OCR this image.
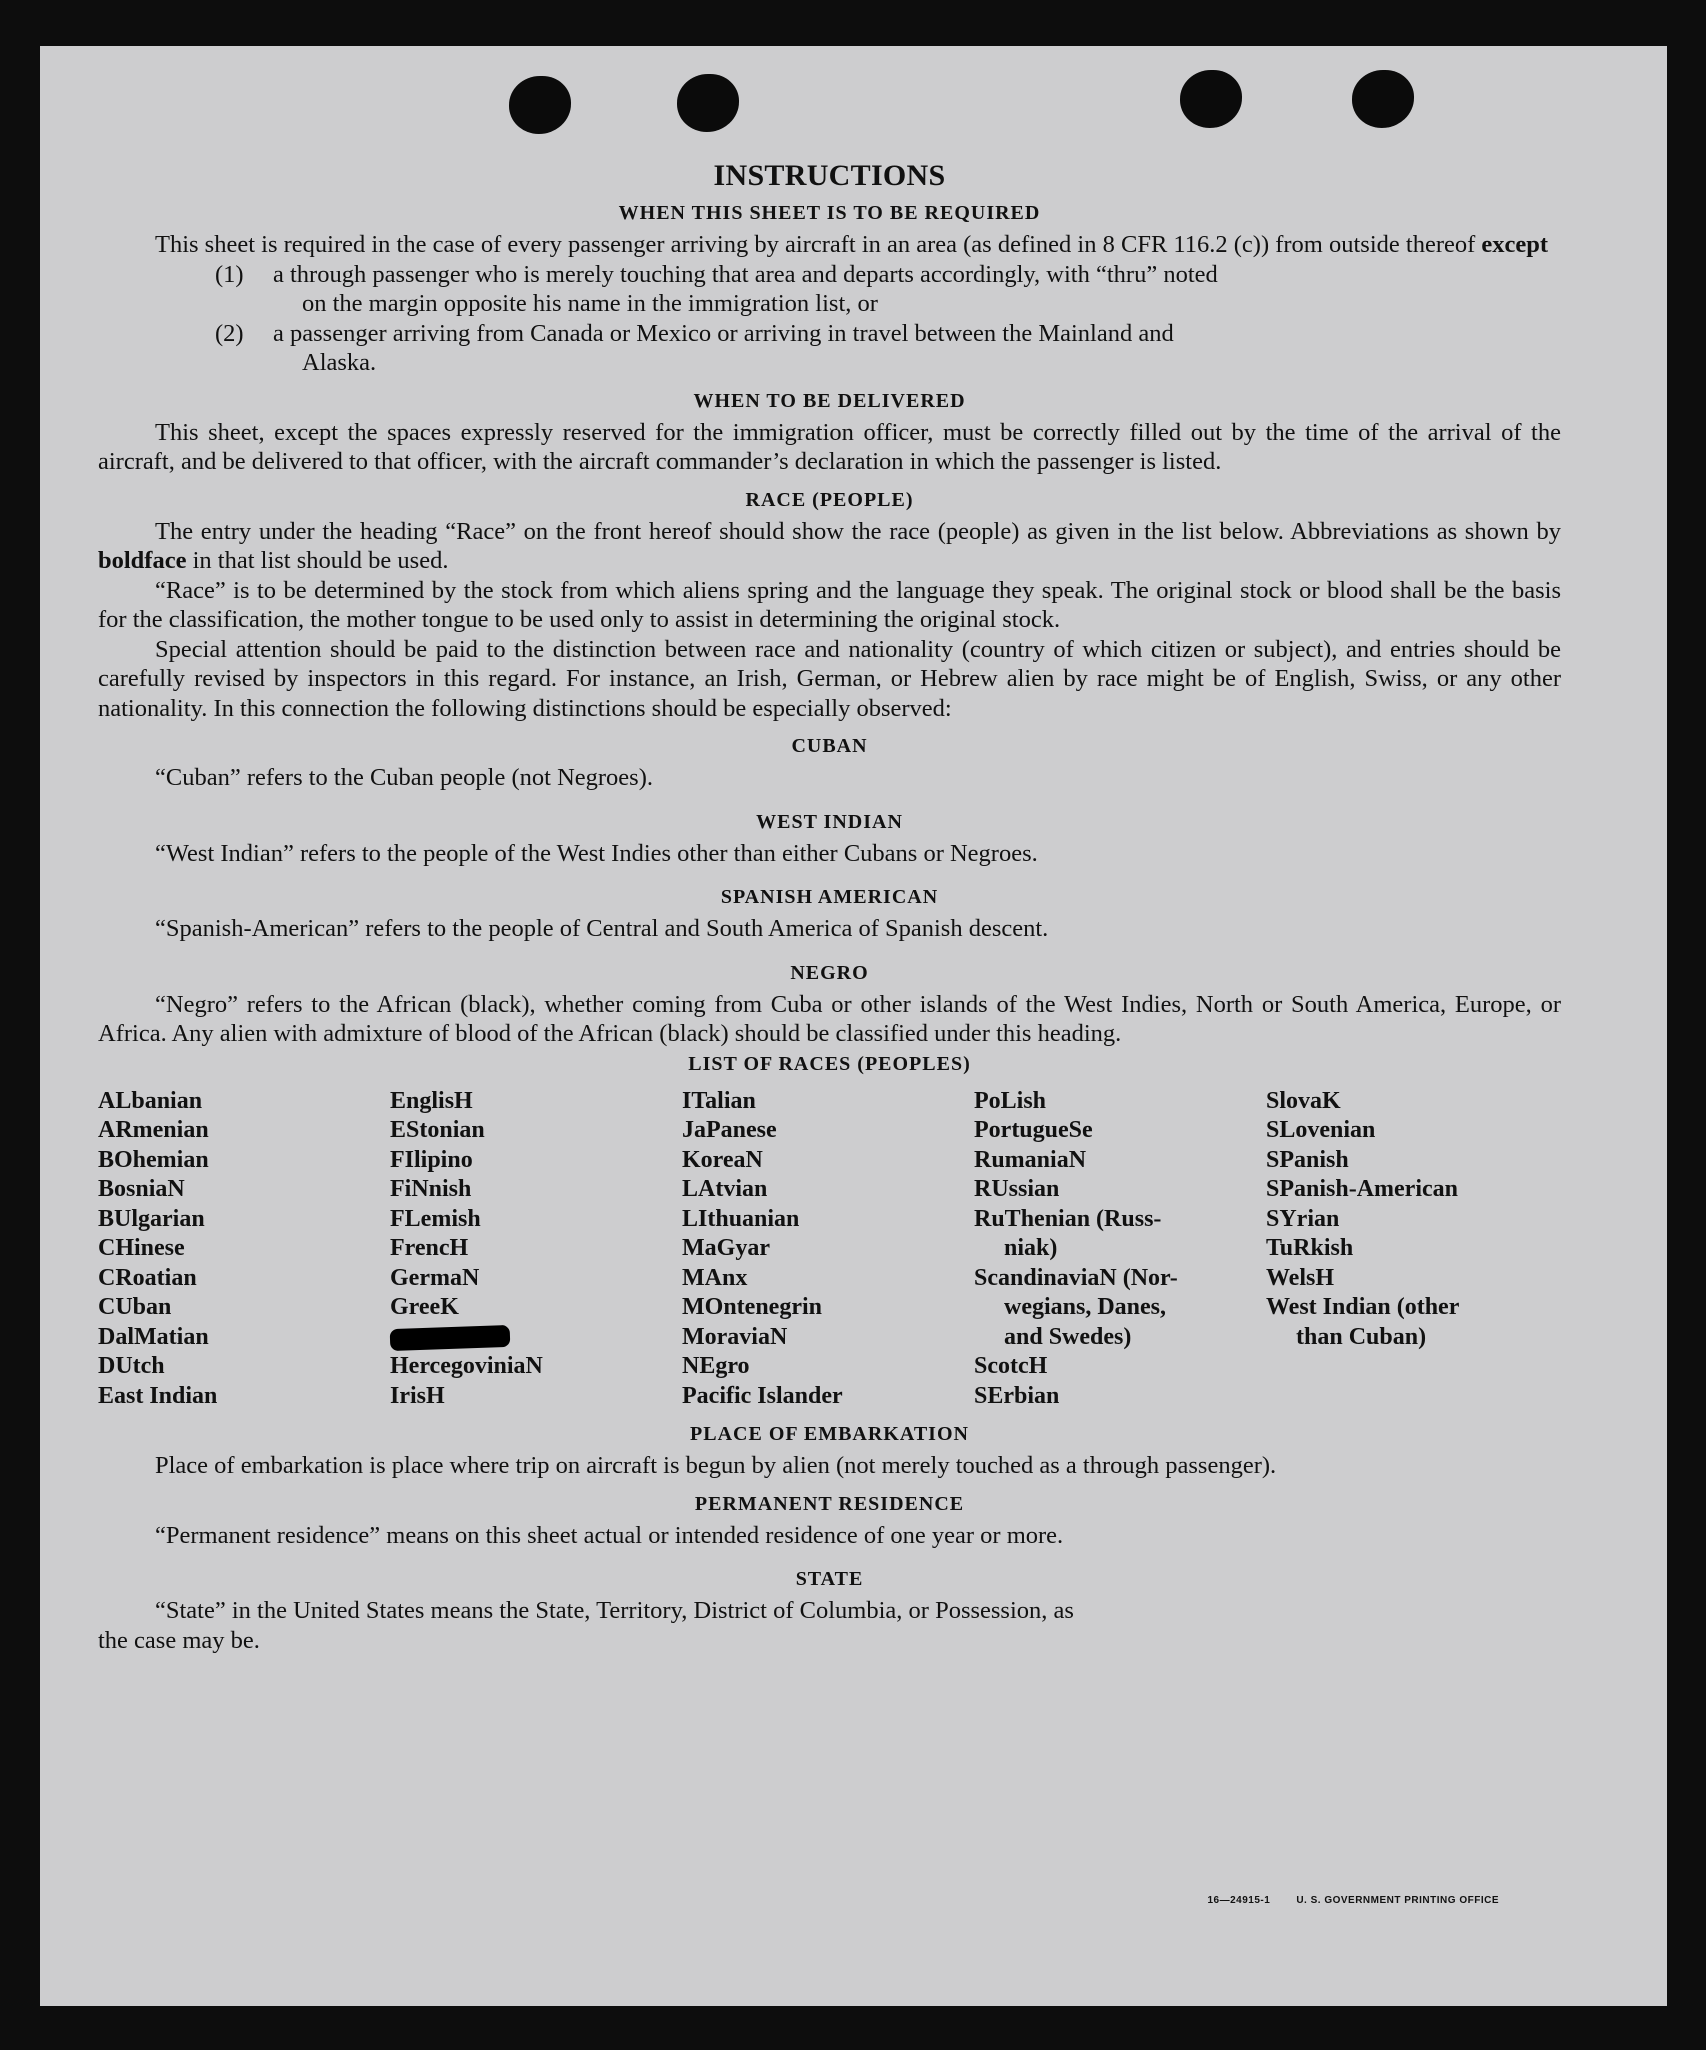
INSTRUCTIONS
WHEN THIS SHEET IS TO BE REQUIRED

This sheet is required in the case of every passenger arriving by aircraft in an area (as defined in 8 CFR 116.2 (c)) from outside thereof except

(1)	a through passenger who is merely touching that area and departs accordingly, with “thru” noted
on the margin opposite his name in the immigration list, or
(2)	a passenger arriving from Canada or Mexico or arriving in travel between the Mainland and
Alaska.
WHEN TO BE DELIVERED

This sheet, except the spaces expressly reserved for the immigration officer, must be correctly filled out by the time of the arrival of the aircraft, and be delivered to that officer, with the aircraft commander’s declaration in which the passenger is listed.

RACE (PEOPLE)

The entry under the heading “Race” on the front hereof should show the race (people) as given in the list below. Abbreviations as shown by boldface in that list should be used.

“Race” is to be determined by the stock from which aliens spring and the language they speak. The original stock or blood shall be the basis for the classification, the mother tongue to be used only to assist in determining the original stock.

Special attention should be paid to the distinction between race and nationality (country of which citizen or subject), and entries should be carefully revised by inspectors in this regard. For instance, an Irish, German, or Hebrew alien by race might be of English, Swiss, or any other nationality. In this connection the following distinctions should be especially observed:

CUBAN

“Cuban” refers to the Cuban people (not Negroes).

WEST INDIAN

“West Indian” refers to the people of the West Indies other than either Cubans or Negroes.

SPANISH AMERICAN

“Spanish-American” refers to the people of Central and South America of Spanish descent.

NEGRO

“Negro” refers to the African (black), whether coming from Cuba or other islands of the West Indies, North or South America, Europe, or Africa. Any alien with admixture of blood of the African (black) should be classified under this heading.

LIST OF RACES (PEOPLES)
ALbanian
ARmenian
BOhemian
BosniaN
BUlgarian
CHinese
CRoatian
CUban
DalMatian
DUtch
East Indian
EnglisH
EStonian
FIlipino
FiNnish
FLemish
FrencH
GermaN
GreeK
HercegoviniaN
IrisH
ITalian
JaPanese
KoreaN
LAtvian
LIthuanian
MaGyar
MAnx
MOntenegrin
MoraviaN
NEgro
Pacific Islander
PoLish
PortugueSe
RumaniaN
RUssian
RuThenian (Russ-
niak)
ScandinaviaN (Nor-
wegians, Danes,
and Swedes)
ScotcH
SErbian
SlovaK
SLovenian
SPanish
SPanish-American
SYrian
TuRkish
WelsH
West Indian (other
than Cuban)
PLACE OF EMBARKATION

Place of embarkation is place where trip on aircraft is begun by alien (not merely touched as a through passenger).

PERMANENT RESIDENCE

“Permanent residence” means on this sheet actual or intended residence of one year or more.

STATE

“State” in the United States means the State, Territory, District of Columbia, or Possession, as the case may be.

16—24915-1	U. S. GOVERNMENT PRINTING OFFICE
